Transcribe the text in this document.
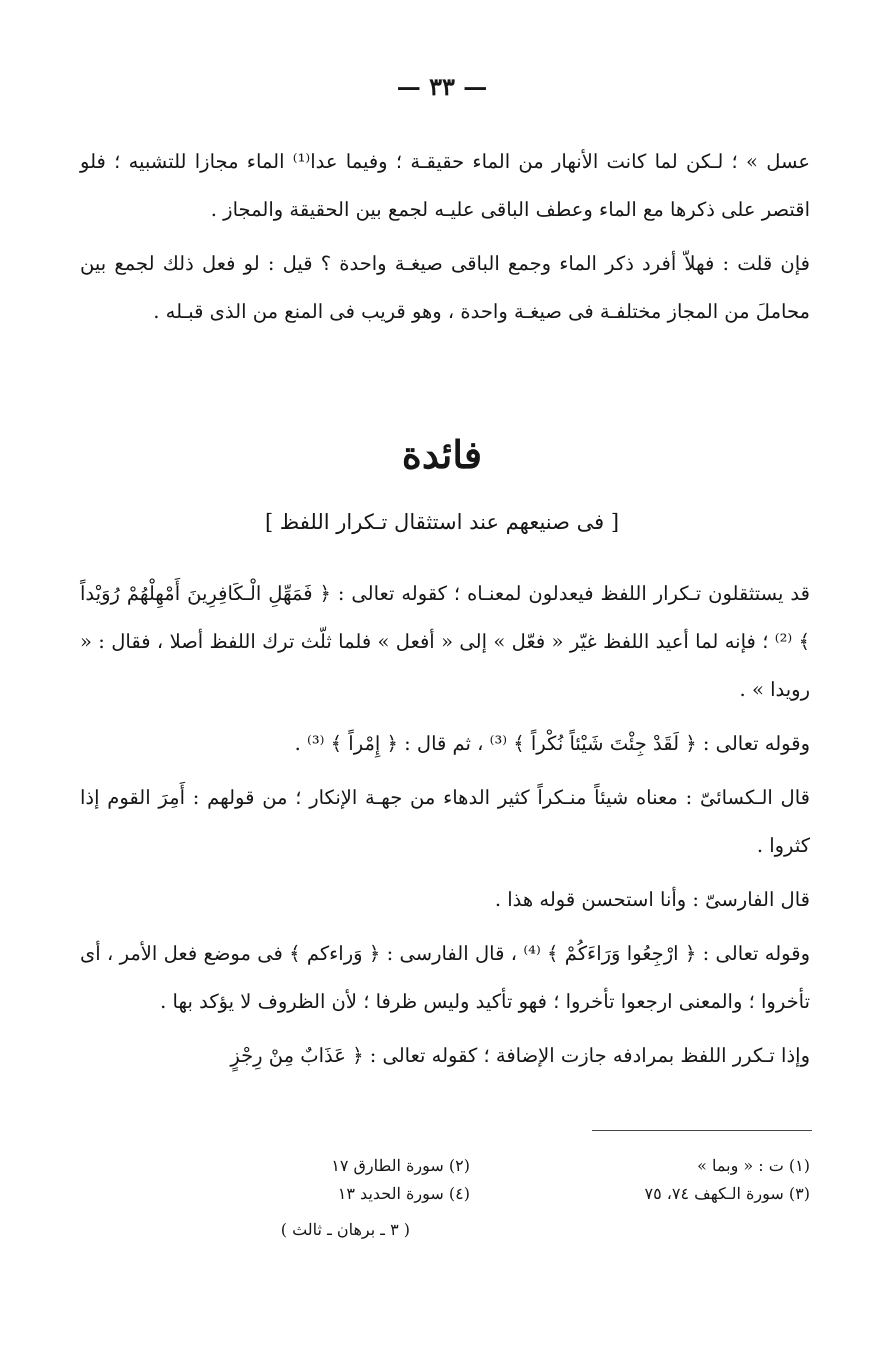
— ٣٣ —

عسل » ؛ لـكن لما كانت الأنهار من الماء حقيقـة ؛ وفيما عدا⁽¹⁾ الماء مجازا للتشبيه ؛ فلو اقتصر على ذكرها مع الماء وعطف الباقى عليـه لجمع بين الحقيقة والمجاز .

فإن قلت : فهلاّ أفرد ذكر الماء وجمع الباقى صيغـة واحدة ؟ قيل : لو فعل ذلك لجمع بين محاملَ من المجاز مختلفـة فى صيغـة واحدة ، وهو قريب فى المنع من الذى قبـله .

فائدة
[ فى صنيعهم عند استثقال تـكرار اللفظ ]

قد يستثقلون تـكرار اللفظ فيعدلون لمعنـاه ؛ كقوله تعالى : ﴿ فَمَهِّلِ الْـكَافِرِينَ أَمْهِلْهُمْ رُوَيْداً ﴾ ⁽²⁾ ؛ فإنه لما أعيد اللفظ غيّر « فعّل » إلى « أفعل » فلما ثلّث ترك اللفظ أصلا ، فقال : « رويدا » .

وقوله تعالى : ﴿ لَقَدْ جِئْتَ شَيْئاً نُكْراً ﴾ ⁽³⁾ ، ثم قال : ﴿ إِمْراً ﴾ ⁽³⁾ .

قال الـكسائىّ : معناه شيئاً منـكراً كثير الدهاء من جهـة الإنكار ؛ من قولهم : أَمِرَ القوم إذا كثروا .

قال الفارسىّ : وأنا استحسن قوله هذا .

وقوله تعالى : ﴿ ارْجِعُوا وَرَاءَكُمْ ﴾ ⁽⁴⁾ ، قال الفارسى : ﴿ وَراءكم ﴾ فى موضع فعل الأمر ، أى تأخروا ؛ والمعنى ارجعوا تأخروا ؛ فهو تأكيد وليس ظرفا ؛ لأن الظروف لا يؤكد بها .

وإذا تـكرر اللفظ بمرادفه جازت الإضافة ؛ كقوله تعالى : ﴿ عَذَابٌ مِنْ رِجْزٍ

(١) ت : « وبما »
(٢) سورة الطارق ١٧
(٣) سورة الـكهف ٧٤، ٧٥
(٤) سورة الحديد ١٣
( ٣ ـ برهان ـ ثالث )
